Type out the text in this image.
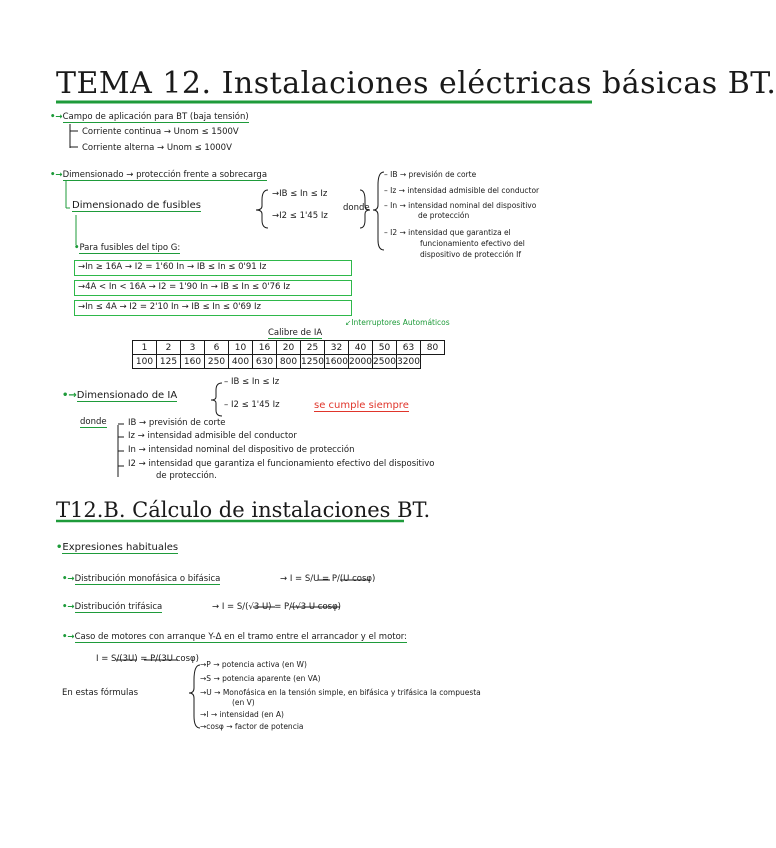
TEMA 12. Instalaciones eléctricas básicas BT.
•→Campo de aplicación para BT (baja tensión)
Corriente continua → Unom ≤ 1500V
Corriente alterna → Unom ≤ 1000V
•→Dimensionado → protección frente a sobrecarga
Dimensionado de fusibles
→IB ≤ In ≤ Iz
→I2 ≤ 1'45 Iz
donde
– IB → previsión de corte
– Iz → intensidad admisible del conductor
– In → intensidad nominal del dispositivo
de protección
– I2 → intensidad que garantiza el
funcionamiento efectivo del
dispositivo de protección If
•Para fusibles del tipo G:
→In ≥ 16A → I2 = 1'60 In → IB ≤ In ≤ 0'91 Iz
→4A < In < 16A → I2 = 1'90 In → IB ≤ In ≤ 0'76 Iz
→In ≤ 4A → I2 = 2'10 In → IB ≤ In ≤ 0'69 Iz
↙Interruptores Automáticos
Calibre de IA
1	2	3	6	10	16	20	25	32	40	50	63	80
100	125	160	250	400	630	800	1250	1600	2000	2500	3200	
•→Dimensionado de IA
– IB ≤ In ≤ Iz
– I2 ≤ 1'45 Iz	se cumple siempre
donde	IB → previsión de corte
Iz → intensidad admisible del conductor
In → intensidad nominal del dispositivo de protección
I2 → intensidad que garantiza el funcionamiento efectivo del dispositivo
de protección.
T12.B. Cálculo de instalaciones BT.
•Expresiones habituales
•→Distribución monofásica o bifásica	→ I = S/U = P/(U cosφ)
•→Distribución trifásica	→ I = S/(√3 U) = P/(√3 U cosφ)
•→Caso de motores con arranque Y-Δ en el tramo entre el arrancador y el motor:
I = S/(3U) = P/(3U cosφ)
En estas fórmulas
→P → potencia activa (en W)
→S → potencia aparente (en VA)
→U → Monofásica en la tensión simple, en bifásica y trifásica la compuesta
(en V)
→I → intensidad (en A)
→cosφ → factor de potencia
